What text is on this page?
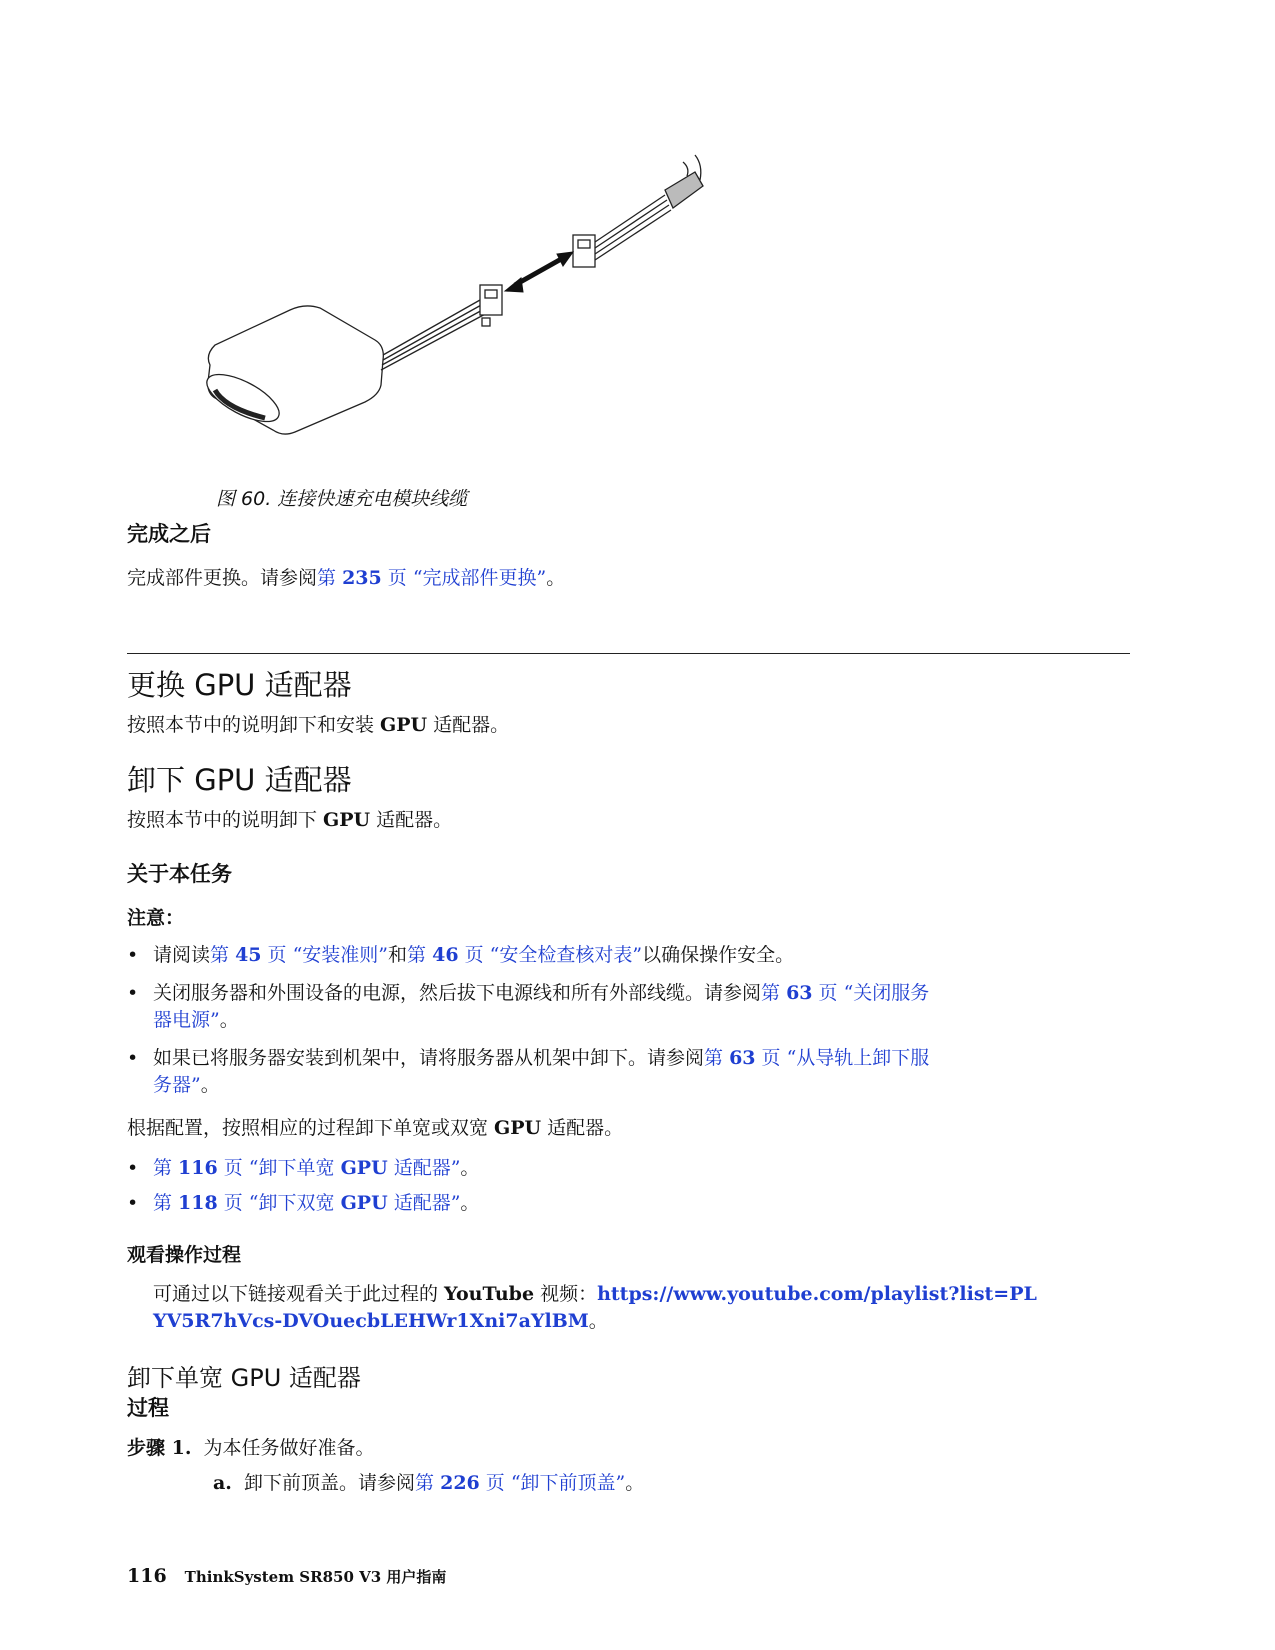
图 60. 连接快速充电模块线缆
完成之后
完成部件更换。请参阅第 235 页 “完成部件更换”。
更换 GPU 适配器
按照本节中的说明卸下和安装 GPU 适配器。
卸下 GPU 适配器
按照本节中的说明卸下 GPU 适配器。
关于本任务
注意：
• 请阅读第 45 页 “安装准则”和第 46 页 “安全检查核对表”以确保操作安全。
• 关闭服务器和外围设备的电源，然后拔下电源线和所有外部线缆。请参阅第 63 页 “关闭服务
器电源”。
• 如果已将服务器安装到机架中，请将服务器从机架中卸下。请参阅第 63 页 “从导轨上卸下服
务器”。
根据配置，按照相应的过程卸下单宽或双宽 GPU 适配器。
• 第 116 页 “卸下单宽 GPU 适配器”。
• 第 118 页 “卸下双宽 GPU 适配器”。
观看操作过程
可通过以下链接观看关于此过程的 YouTube 视频：https://www.youtube.com/playlist?list=PL
YV5R7hVcs-DVOuecbLEHWr1Xni7aYlBM。
卸下单宽 GPU 适配器
过程
步骤 1. 为本任务做好准备。
a. 卸下前顶盖。请参阅第 226 页 “卸下前顶盖”。
116 ThinkSystem SR850 V3 用户指南
